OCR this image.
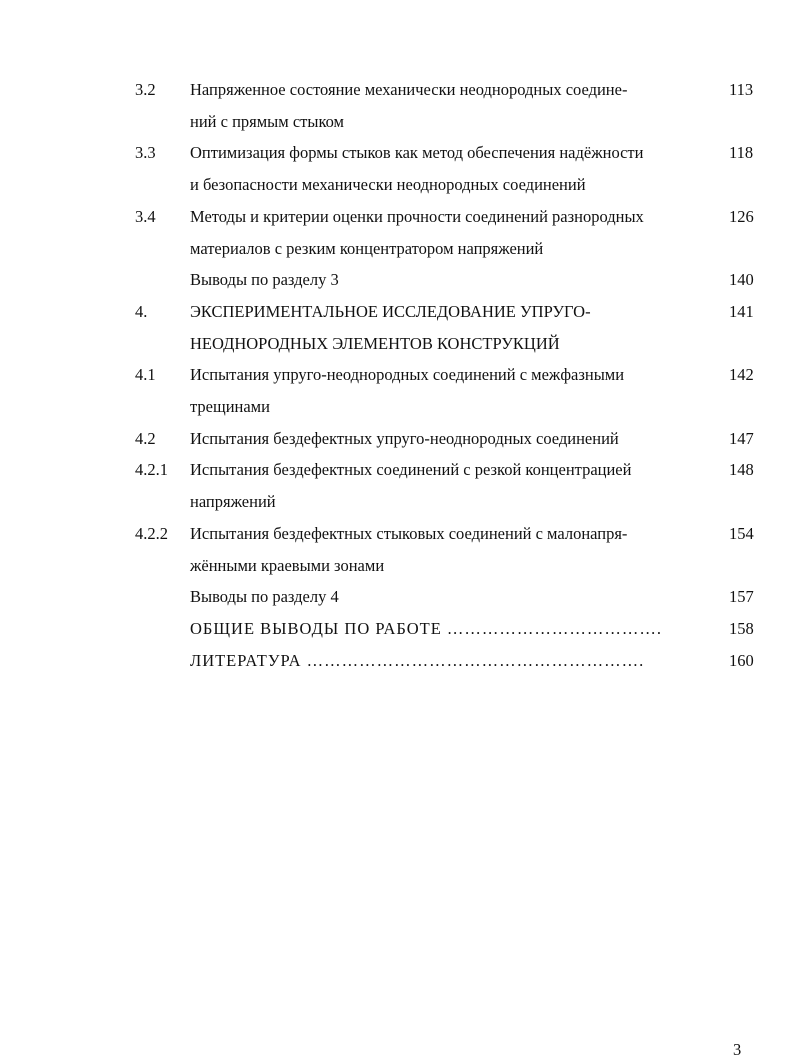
3.2 Напряженное состояние механически неоднородных соедине-	113
ний с прямым стыком
3.3 Оптимизация формы стыков как метод обеспечения надёжности	118
и безопасности механически неоднородных соединений
3.4 Методы и критерии оценки прочности соединений разнородных	126
материалов с резким концентратором напряжений
Выводы по разделу 3	140
4.	ЭКСПЕРИМЕНТАЛЬНОЕ ИССЛЕДОВАНИЕ УПРУГО-	141
НЕОДНОРОДНЫХ ЭЛЕМЕНТОВ КОНСТРУКЦИЙ
4.1 Испытания упруго-неоднородных соединений с межфазными	142
трещинами
4.2 Испытания бездефектных упруго-неоднородных соединений	147
4.2.1 Испытания бездефектных соединений с резкой концентрацией	148
напряжений
4.2.2 Испытания бездефектных стыковых соединений с малонапря-	154
жёнными краевыми зонами
Выводы по разделу 4	157
ОБЩИЕ ВЫВОДЫ ПО РАБОТЕ ……………………………….	158
ЛИТЕРАТУРА ………………………………………………….	160
3
